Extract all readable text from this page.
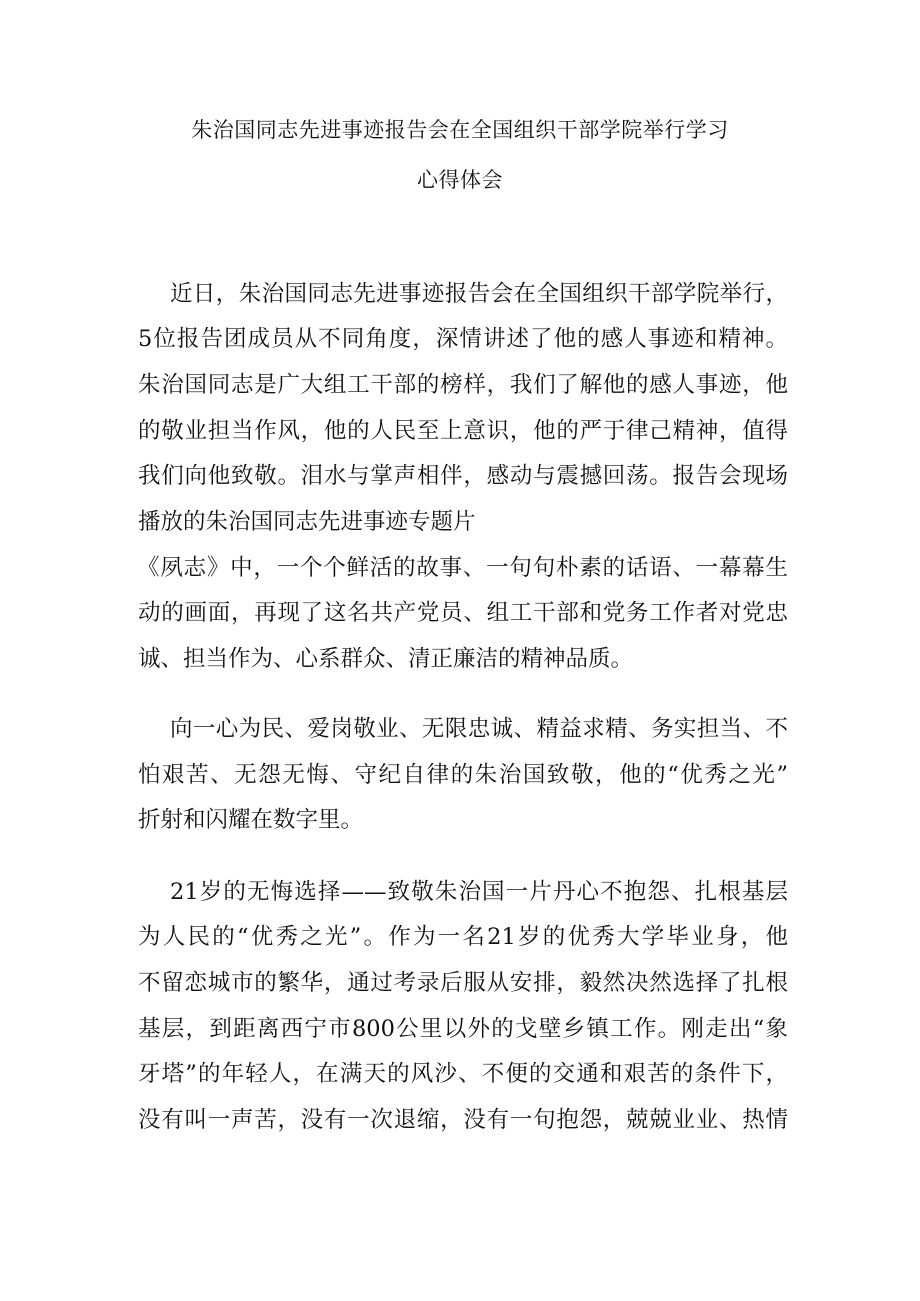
朱治国同志先进事迹报告会在全国组织干部学院举行学习
心得体会
近日，朱治国同志先进事迹报告会在全国组织干部学院举行，
5位报告团成员从不同角度，深情讲述了他的感人事迹和精神。
朱治国同志是广大组工干部的榜样，我们了解他的感人事迹，他
的敬业担当作风，他的人民至上意识，他的严于律己精神，值得
我们向他致敬。泪水与掌声相伴，感动与震撼回荡。报告会现场
播放的朱治国同志先进事迹专题片
《夙志》中，一个个鲜活的故事、一句句朴素的话语、一幕幕生
动的画面，再现了这名共产党员、组工干部和党务工作者对党忠
诚、担当作为、心系群众、清正廉洁的精神品质。
向一心为民、爱岗敬业、无限忠诚、精益求精、务实担当、不
怕艰苦、无怨无悔、守纪自律的朱治国致敬，他的“优秀之光”
折射和闪耀在数字里。
21岁的无悔选择——致敬朱治国一片丹心不抱怨、扎根基层
为人民的“优秀之光”。作为一名21岁的优秀大学毕业身，他
不留恋城市的繁华，通过考录后服从安排，毅然决然选择了扎根
基层，到距离西宁市800公里以外的戈壁乡镇工作。刚走出“象
牙塔”的年轻人，在满天的风沙、不便的交通和艰苦的条件下，
没有叫一声苦，没有一次退缩，没有一句抱怨，兢兢业业、热情
